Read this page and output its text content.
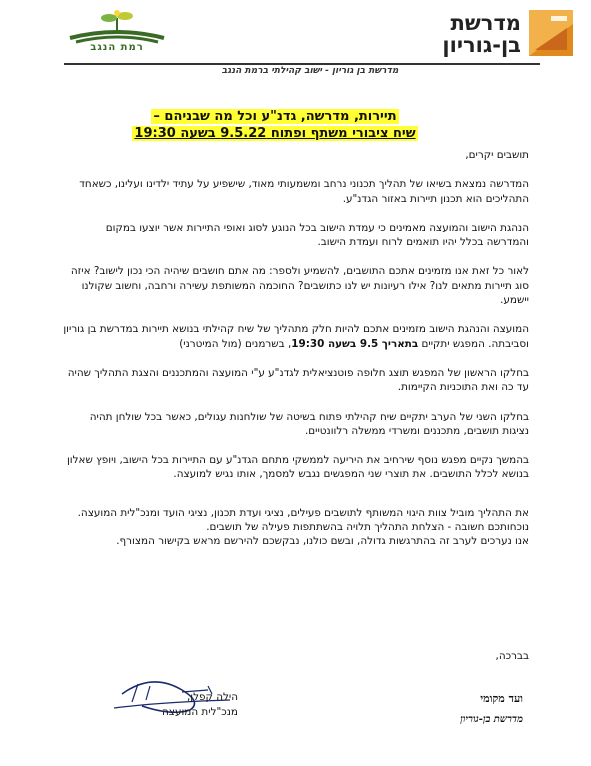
מדרשת בן-גוריון
רמת הנגב
מדרשת בן גוריון - ישוב קהילתי ברמת הנגב
תיירות, מדרשה, גדנ"ע וכל מה שבניהם –
שיח ציבורי משתף ופתוח 9.5.22 בשעה 19:30

תושבים יקרים,

המדרשה נמצאת בשיאו של תהליך תכנוני נרחב ומשמעותי מאוד, שישפיע על עתיד ילדינו ועלינו, כשאחד התהליכים הוא תכנון תיירות באזור הגדנ"ע.

הנהגת הישוב והמועצה מאמינים כי עמדת הישוב בכל הנוגע לסוג ואופי התיירות אשר יוצעו במקום והמדרשה בכלל יהיו תואמים לרוח ועמדת הישוב.

לאור כל זאת אנו מזמינים אתכם התושבים, להשמיע ולספר: מה אתם חושבים שיהיה הכי נכון לישוב? איזה סוג תיירות מתאים לנו? אילו רעיונות יש לנו כתושבים? החוכמה המשותפת עשירה ורחבה, וחשוב שקולנו יישמע.

המועצה והנהגת הישוב מזמינים אתכם להיות חלק מתהליך של שיח קהילתי בנושא תיירות במדרשת בן גוריון וסביבתה. המפגש יתקיים בתאריך 9.5 בשעה 19:30, בשרמנים (מול המיטרני)

בחלקו הראשון של המפגש תוצג חלופה פוטנציאלית לגדנ"ע ע"י המועצה והמתכננים והצגת התהליך שהיה עד כה ואת התוכניות הקיימות.

בחלקו השני של הערב יתקיים שיח קהילתי פתוח בשיטה של שולחנות עגולים, כאשר בכל שולחן תהיה נציגות תושבים, מתכננים ומשרדי ממשלה רלוונטיים.

בהמשך נקיים מפגש נוסף שירחיב את היריעה לממשקי מתחם הגדנ"ע עם התיירות בכל הישוב, ויופץ שאלון בנושא לכלל התושבים. את תוצרי שני המפגשים נגבש למסמך, אותו נגיש למועצה.

את התהליך מוביל צוות היגוי המשותף לתושבים פעילים, נציגי ועדת תכנון, נציגי הועד ומנכ"לית המועצה.
נוכחותכם חשובה - הצלחת התהליך תלויה בהשתתפות פעילה של תושבים.
אנו נערכים לערב זה בהתרגשות גדולה, ובשם כולנו, נבקשכם להירשם מראש בקישור המצורף.

בברכה,
ועד מקומי
מדרשת בן-גוריון
הילה קפלן,
מנכ"לית המועצה
